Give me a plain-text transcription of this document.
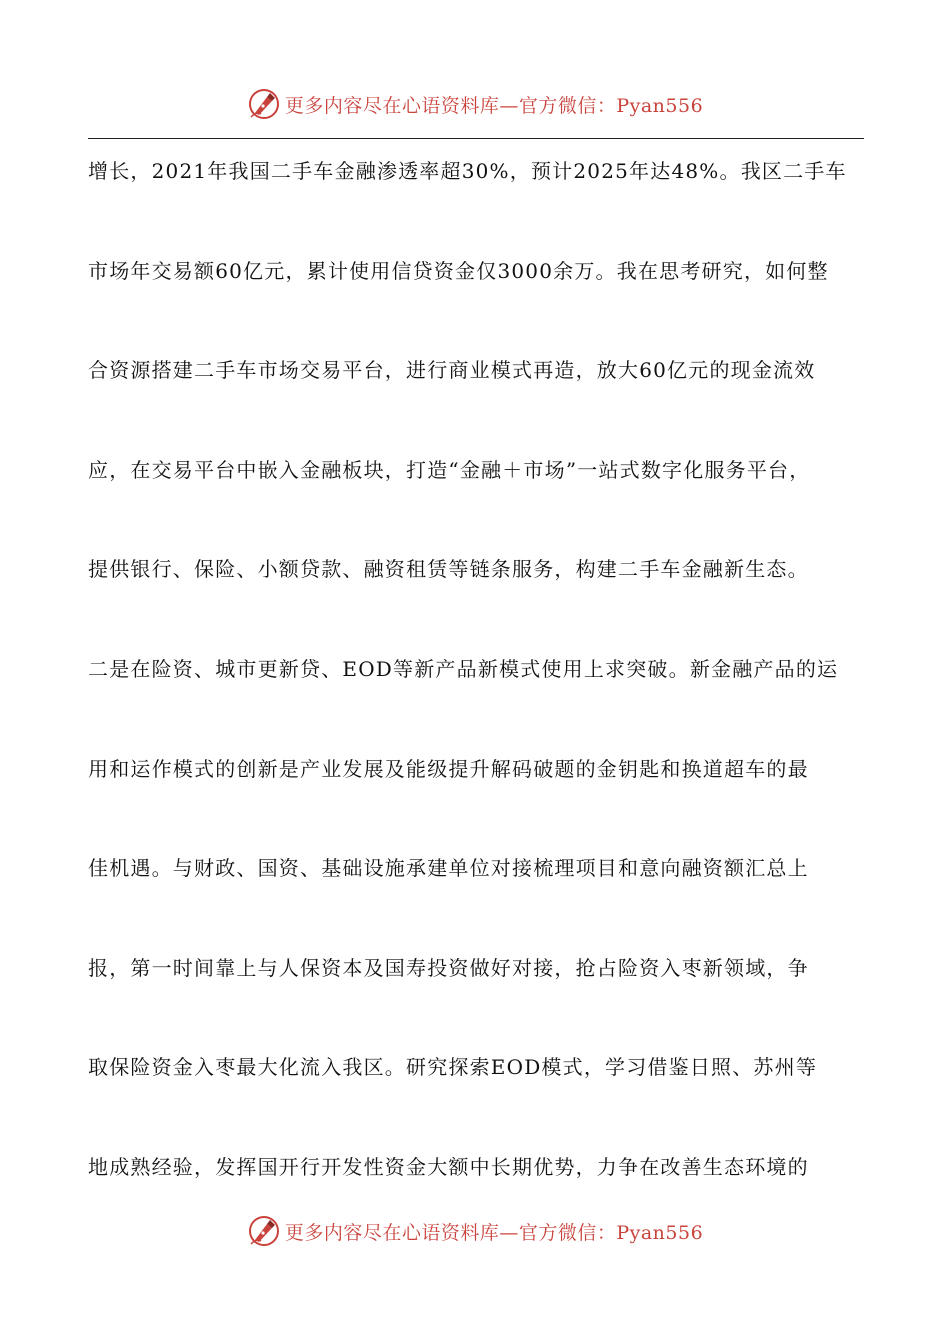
更多内容尽在心语资料库—官方微信：Pyan556
增长，2021年我国二手车金融渗透率超30%，预计2025年达48%。我区二手车
市场年交易额60亿元，累计使用信贷资金仅3000余万。我在思考研究，如何整
合资源搭建二手车市场交易平台，进行商业模式再造，放大60亿元的现金流效
应，在交易平台中嵌入金融板块，打造“金融＋市场”一站式数字化服务平台，
提供银行、保险、小额贷款、融资租赁等链条服务，构建二手车金融新生态。
二是在险资、城市更新贷、EOD等新产品新模式使用上求突破。新金融产品的运
用和运作模式的创新是产业发展及能级提升解码破题的金钥匙和换道超车的最
佳机遇。与财政、国资、基础设施承建单位对接梳理项目和意向融资额汇总上
报，第一时间靠上与人保资本及国寿投资做好对接，抢占险资入枣新领域，争
取保险资金入枣最大化流入我区。研究探索EOD模式，学习借鉴日照、苏州等
地成熟经验，发挥国开行开发性资金大额中长期优势，力争在改善生态环境的
更多内容尽在心语资料库—官方微信：Pyan556
